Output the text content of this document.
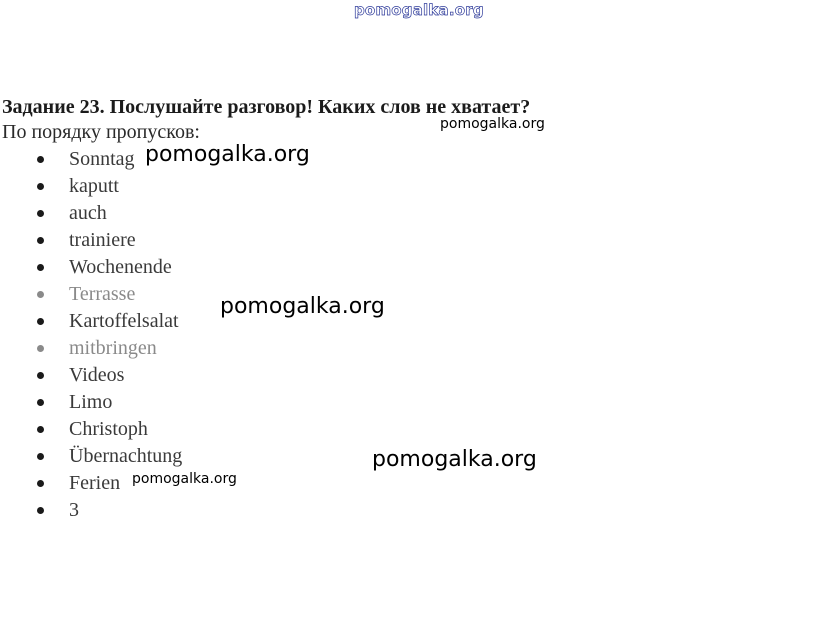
pomogalka.org
Задание 23. Послушайте разговор! Каких слов не хватает?
По порядку пропусков:
Sonntag
kaputt
auch
trainiere
Wochenende
Terrasse
Kartoffelsalat
mitbringen
Videos
Limo
Christoph
Übernachtung
Ferien
3
pomogalka.org
pomogalka.org
pomogalka.org
pomogalka.org
pomogalka.org
